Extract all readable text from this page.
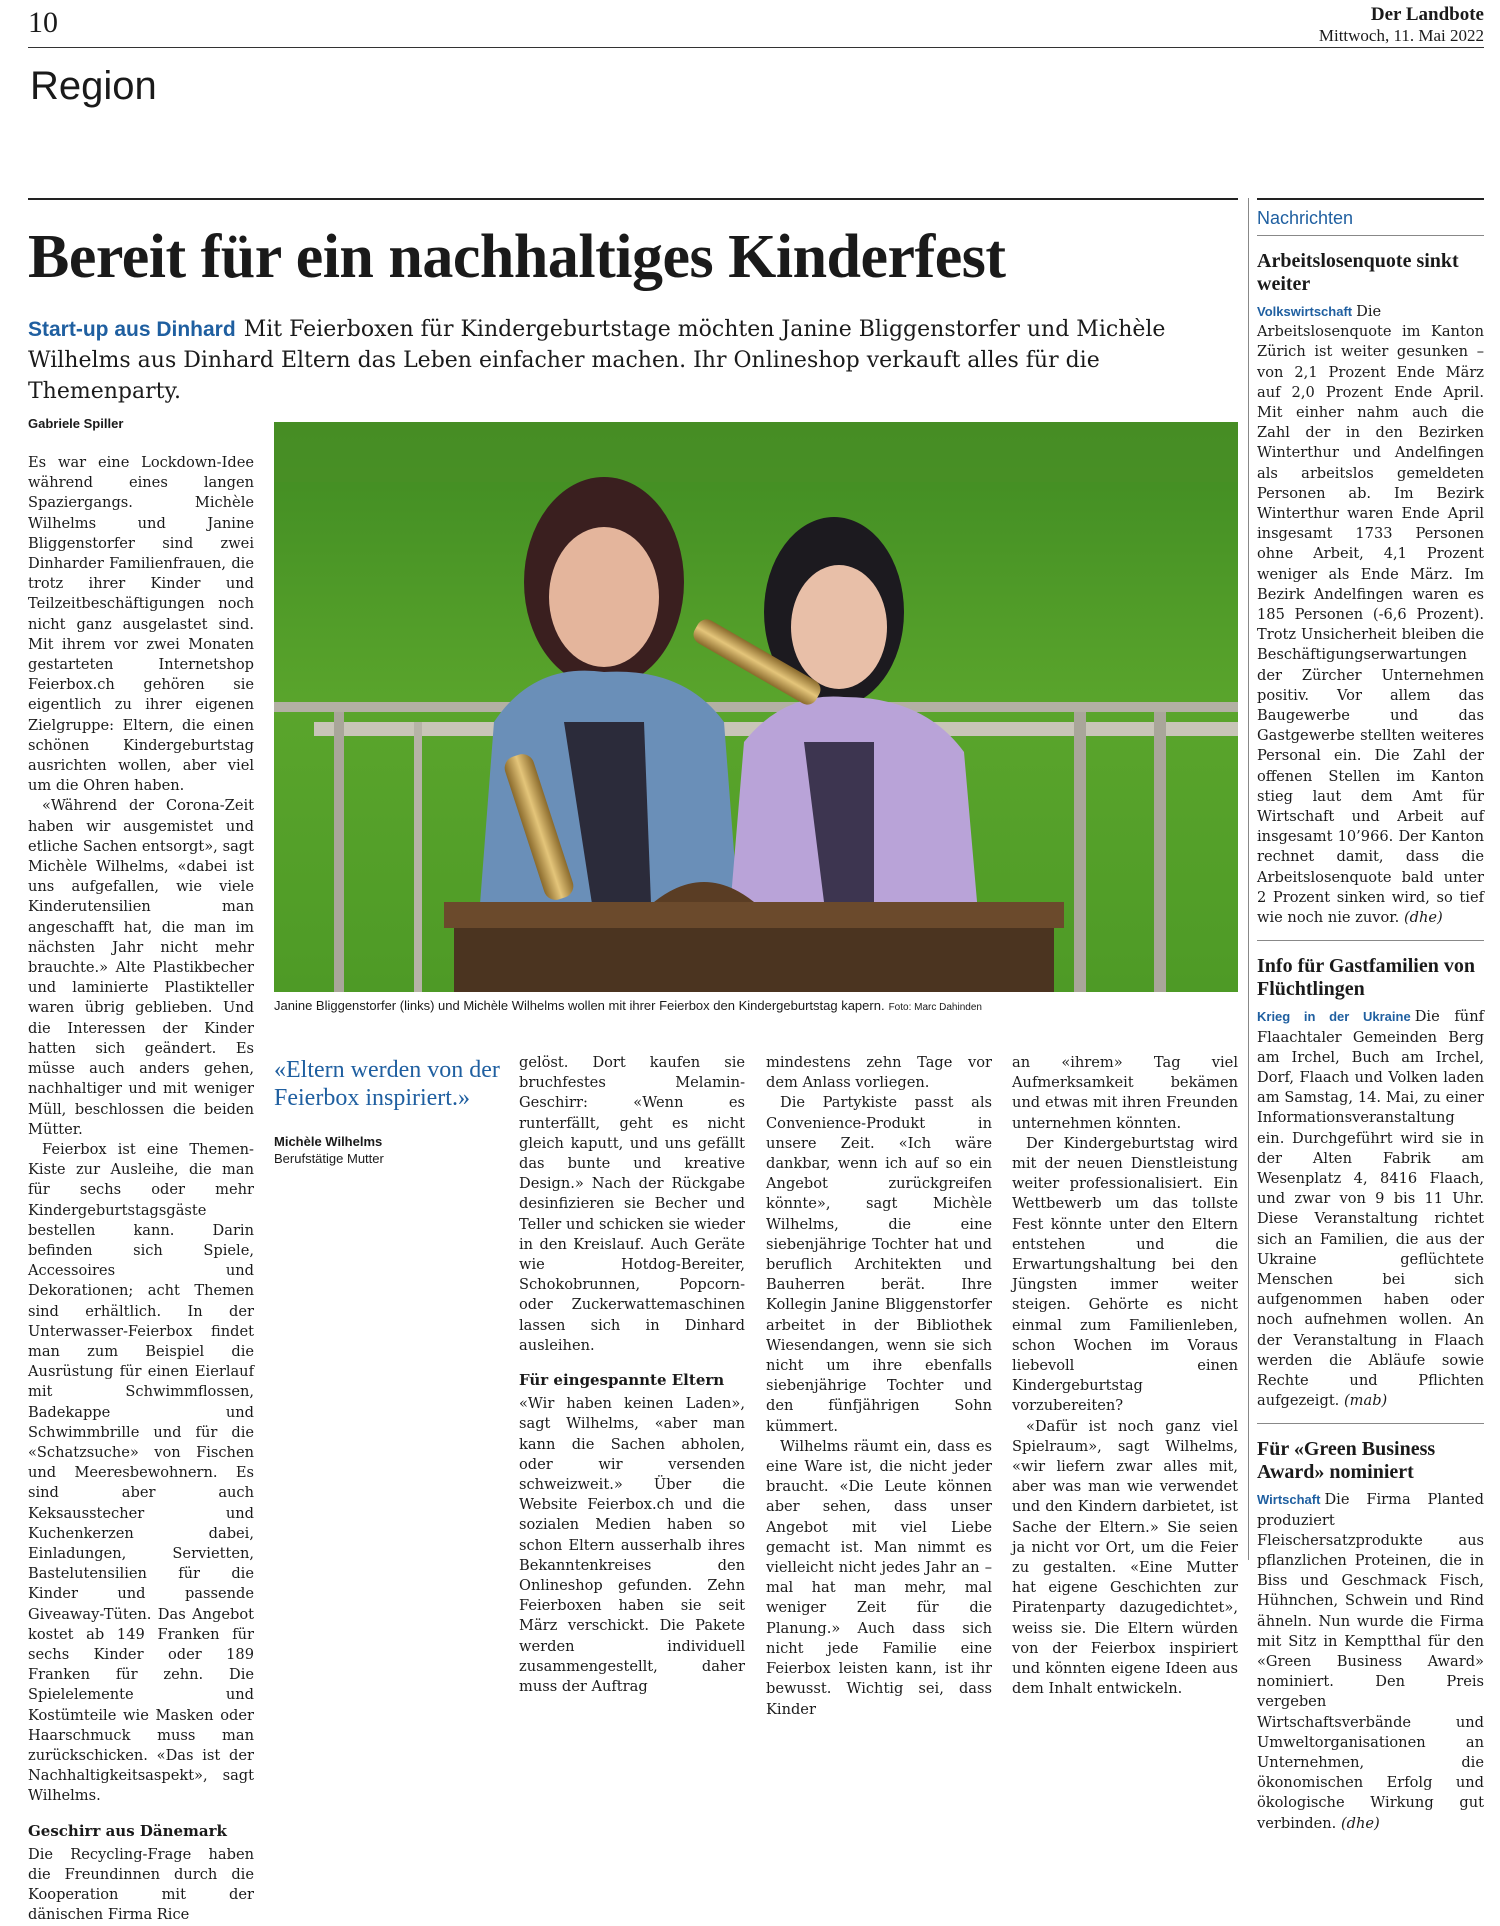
10	Der Landbote
Mittwoch, 11. Mai 2022
Region
Bereit für ein nachhaltiges Kinderfest
Start-up aus Dinhard Mit Feierboxen für Kindergeburtstage möchten Janine Bliggenstorfer und Michèle Wilhelms aus Dinhard Eltern das Leben einfacher machen. Ihr Onlineshop verkauft alles für die Themenparty.
Gabriele Spiller

Es war eine Lockdown-Idee während eines langen Spaziergangs. Michèle Wilhelms und Janine Bliggenstorfer sind zwei Dinharder Familienfrauen, die trotz ihrer Kinder und Teilzeitbeschäftigungen noch nicht ganz ausgelastet sind. Mit ihrem vor zwei Monaten gestarteten Internetshop Feierbox.ch gehören sie eigentlich zu ihrer eigenen Zielgruppe: Eltern, die einen schönen Kindergeburtstag ausrichten wollen, aber viel um die Ohren haben.

«Während der Corona-Zeit haben wir ausgemistet und etliche Sachen entsorgt», sagt Michèle Wilhelms, «dabei ist uns aufgefallen, wie viele Kinderutensilien man angeschafft hat, die man im nächsten Jahr nicht mehr brauchte.» Alte Plastikbecher und laminierte Plastikteller waren übrig geblieben. Und die Interessen der Kinder hatten sich geändert. Es müsse auch anders gehen, nachhaltiger und mit weniger Müll, beschlossen die beiden Mütter.

Feierbox ist eine Themen-Kiste zur Ausleihe, die man für sechs oder mehr Kindergeburtstagsgäste bestellen kann. Darin befinden sich Spiele, Accessoires und Dekorationen; acht Themen sind erhältlich. In der Unterwasser-Feierbox findet man zum Beispiel die Ausrüstung für einen Eierlauf mit Schwimmflossen, Badekappe und Schwimmbrille und für die «Schatzsuche» von Fischen und Meeresbewohnern. Es sind aber auch Keksausstecher und Kuchenkerzen dabei, Einladungen, Servietten, Bastelutensilien für die Kinder und passende Giveaway-Tüten. Das Angebot kostet ab 149 Franken für sechs Kinder oder 189 Franken für zehn. Die Spielelemente und Kostümteile wie Masken oder Haarschmuck muss man zurückschicken. «Das ist der Nachhaltigkeitsaspekt», sagt Wilhelms.

Geschirr aus Dänemark

Die Recycling-Frage haben die Freundinnen durch die Kooperation mit der dänischen Firma Rice

Janine Bliggenstorfer (links) und Michèle Wilhelms wollen mit ihrer Feierbox den Kindergeburtstag kapern. Foto: Marc Dahinden
«Eltern werden von der Feierbox inspiriert.»
Michèle Wilhelms
Berufstätige Mutter

gelöst. Dort kaufen sie bruchfestes Melamin-Geschirr: «Wenn es runterfällt, geht es nicht gleich kaputt, und uns gefällt das bunte und kreative Design.» Nach der Rückgabe desinfizieren sie Becher und Teller und schicken sie wieder in den Kreislauf. Auch Geräte wie Hotdog-Bereiter, Schokobrunnen, Popcorn- oder Zuckerwattemaschinen lassen sich in Dinhard ausleihen.

Für eingespannte Eltern

«Wir haben keinen Laden», sagt Wilhelms, «aber man kann die Sachen abholen, oder wir versenden schweizweit.» Über die Website Feierbox.ch und die sozialen Medien haben so schon Eltern ausserhalb ihres Bekanntenkreises den Onlineshop gefunden. Zehn Feierboxen haben sie seit März verschickt. Die Pakete werden individuell zusammengestellt, daher muss der Auftrag

mindestens zehn Tage vor dem Anlass vorliegen.

Die Partykiste passt als Convenience-Produkt in unsere Zeit. «Ich wäre dankbar, wenn ich auf so ein Angebot zurückgreifen könnte», sagt Michèle Wilhelms, die eine siebenjährige Tochter hat und beruflich Architekten und Bauherren berät. Ihre Kollegin Janine Bliggenstorfer arbeitet in der Bibliothek Wiesendangen, wenn sie sich nicht um ihre ebenfalls siebenjährige Tochter und den fünfjährigen Sohn kümmert.

Wilhelms räumt ein, dass es eine Ware ist, die nicht jeder braucht. «Die Leute können aber sehen, dass unser Angebot mit viel Liebe gemacht ist. Man nimmt es vielleicht nicht jedes Jahr an – mal hat man mehr, mal weniger Zeit für die Planung.» Auch dass sich nicht jede Familie eine Feierbox leisten kann, ist ihr bewusst. Wichtig sei, dass Kinder

an «ihrem» Tag viel Aufmerksamkeit bekämen und etwas mit ihren Freunden unternehmen könnten.

Der Kindergeburtstag wird mit der neuen Dienstleistung weiter professionalisiert. Ein Wettbewerb um das tollste Fest könnte unter den Eltern entstehen und die Erwartungshaltung bei den Jüngsten immer weiter steigen. Gehörte es nicht einmal zum Familienleben, schon Wochen im Voraus liebevoll einen Kindergeburtstag vorzubereiten?

«Dafür ist noch ganz viel Spielraum», sagt Wilhelms, «wir liefern zwar alles mit, aber was man wie verwendet und den Kindern darbietet, ist Sache der Eltern.» Sie seien ja nicht vor Ort, um die Feier zu gestalten. «Eine Mutter hat eigene Geschichten zur Piratenparty dazugedichtet», weiss sie. Die Eltern würden von der Feierbox inspiriert und könnten eigene Ideen aus dem Inhalt entwickeln.

Nachrichten
Arbeitslosenquote sinkt weiter
Volkswirtschaft Die Arbeitslosenquote im Kanton Zürich ist weiter gesunken – von 2,1 Prozent Ende März auf 2,0 Prozent Ende April. Mit einher nahm auch die Zahl der in den Bezirken Winterthur und Andelfingen als arbeitslos gemeldeten Personen ab. Im Bezirk Winterthur waren Ende April insgesamt 1733 Personen ohne Arbeit, 4,1 Prozent weniger als Ende März. Im Bezirk Andelfingen waren es 185 Personen (-6,6 Prozent). Trotz Unsicherheit bleiben die Beschäftigungserwartungen der Zürcher Unternehmen positiv. Vor allem das Baugewerbe und das Gastgewerbe stellten weiteres Personal ein. Die Zahl der offenen Stellen im Kanton stieg laut dem Amt für Wirtschaft und Arbeit auf insgesamt 10’966. Der Kanton rechnet damit, dass die Arbeitslosenquote bald unter 2 Prozent sinken wird, so tief wie noch nie zuvor. (dhe)
Info für Gastfamilien von Flüchtlingen
Krieg in der Ukraine Die fünf Flaachtaler Gemeinden Berg am Irchel, Buch am Irchel, Dorf, Flaach und Volken laden am Samstag, 14. Mai, zu einer Informationsveranstaltung ein. Durchgeführt wird sie in der Alten Fabrik am Wesenplatz 4, 8416 Flaach, und zwar von 9 bis 11 Uhr. Diese Veranstaltung richtet sich an Familien, die aus der Ukraine geflüchtete Menschen bei sich aufgenommen haben oder noch aufnehmen wollen. An der Veranstaltung in Flaach werden die Abläufe sowie Rechte und Pflichten aufgezeigt. (mab)
Für «Green Business Award» nominiert
Wirtschaft Die Firma Planted produziert Fleischersatzprodukte aus pflanzlichen Proteinen, die in Biss und Geschmack Fisch, Hühnchen, Schwein und Rind ähneln. Nun wurde die Firma mit Sitz in Kemptthal für den «Green Business Award» nominiert. Den Preis vergeben Wirtschaftsverbände und Umweltorganisationen an Unternehmen, die ökonomischen Erfolg und ökologische Wirkung gut verbinden. (dhe)
